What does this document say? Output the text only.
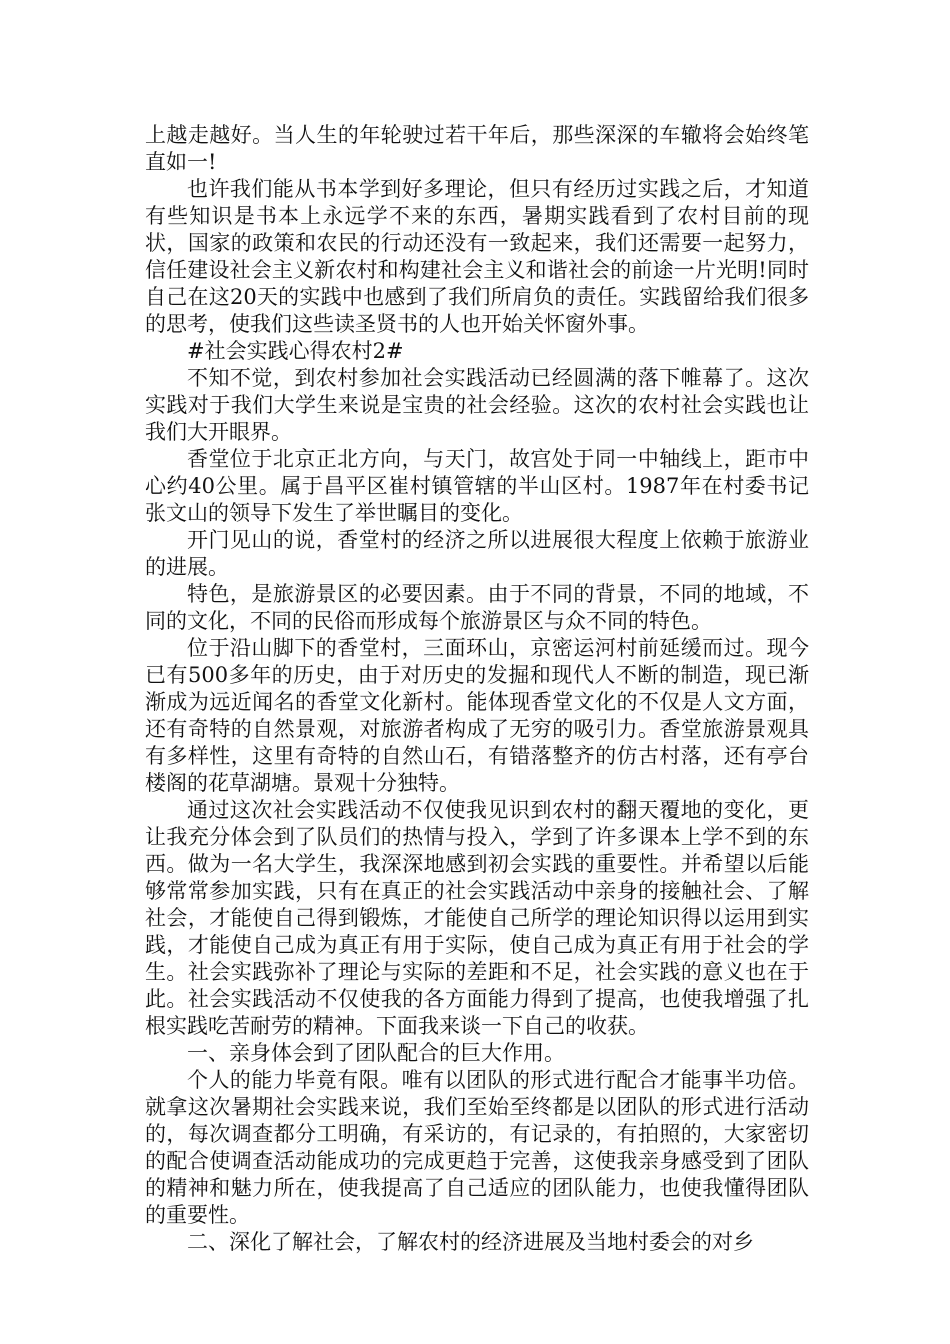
上越走越好。当人生的年轮驶过若干年后，那些深深的车辙将会始终笔直如一!

也许我们能从书本学到好多理论，但只有经历过实践之后，才知道有些知识是书本上永远学不来的东西，暑期实践看到了农村目前的现状，国家的政策和农民的行动还没有一致起来，我们还需要一起努力，信任建设社会主义新农村和构建社会主义和谐社会的前途一片光明!同时自己在这20天的实践中也感到了我们所肩负的责任。实践留给我们很多的思考，使我们这些读圣贤书的人也开始关怀窗外事。

#社会实践心得农村2#

不知不觉，到农村参加社会实践活动已经圆满的落下帷幕了。这次实践对于我们大学生来说是宝贵的社会经验。这次的农村社会实践也让我们大开眼界。

香堂位于北京正北方向，与天门，故宫处于同一中轴线上，距市中心约40公里。属于昌平区崔村镇管辖的半山区村。1987年在村委书记张文山的领导下发生了举世瞩目的变化。

开门见山的说，香堂村的经济之所以进展很大程度上依赖于旅游业的进展。

特色，是旅游景区的必要因素。由于不同的背景，不同的地域，不同的文化，不同的民俗而形成每个旅游景区与众不同的特色。

位于沿山脚下的香堂村，三面环山，京密运河村前延缓而过。现今已有500多年的历史，由于对历史的发掘和现代人不断的制造，现已渐渐成为远近闻名的香堂文化新村。能体现香堂文化的不仅是人文方面，还有奇特的自然景观，对旅游者构成了无穷的吸引力。香堂旅游景观具有多样性，这里有奇特的自然山石，有错落整齐的仿古村落，还有亭台楼阁的花草湖塘。景观十分独特。

通过这次社会实践活动不仅使我见识到农村的翻天覆地的变化，更让我充分体会到了队员们的热情与投入，学到了许多课本上学不到的东西。做为一名大学生，我深深地感到初会实践的重要性。并希望以后能够常常参加实践，只有在真正的社会实践活动中亲身的接触社会、了解社会，才能使自己得到锻炼，才能使自己所学的理论知识得以运用到实践，才能使自己成为真正有用于实际，使自己成为真正有用于社会的学生。社会实践弥补了理论与实际的差距和不足，社会实践的意义也在于此。社会实践活动不仅使我的各方面能力得到了提高，也使我增强了扎根实践吃苦耐劳的精神。下面我来谈一下自己的收获。

一、亲身体会到了团队配合的巨大作用。

个人的能力毕竟有限。唯有以团队的形式进行配合才能事半功倍。就拿这次暑期社会实践来说，我们至始至终都是以团队的形式进行活动的，每次调查都分工明确，有采访的，有记录的，有拍照的，大家密切的配合使调查活动能成功的完成更趋于完善，这使我亲身感受到了团队的精神和魅力所在，使我提高了自己适应的团队能力，也使我懂得团队的重要性。

二、深化了解社会，了解农村的经济进展及当地村委会的对乡
